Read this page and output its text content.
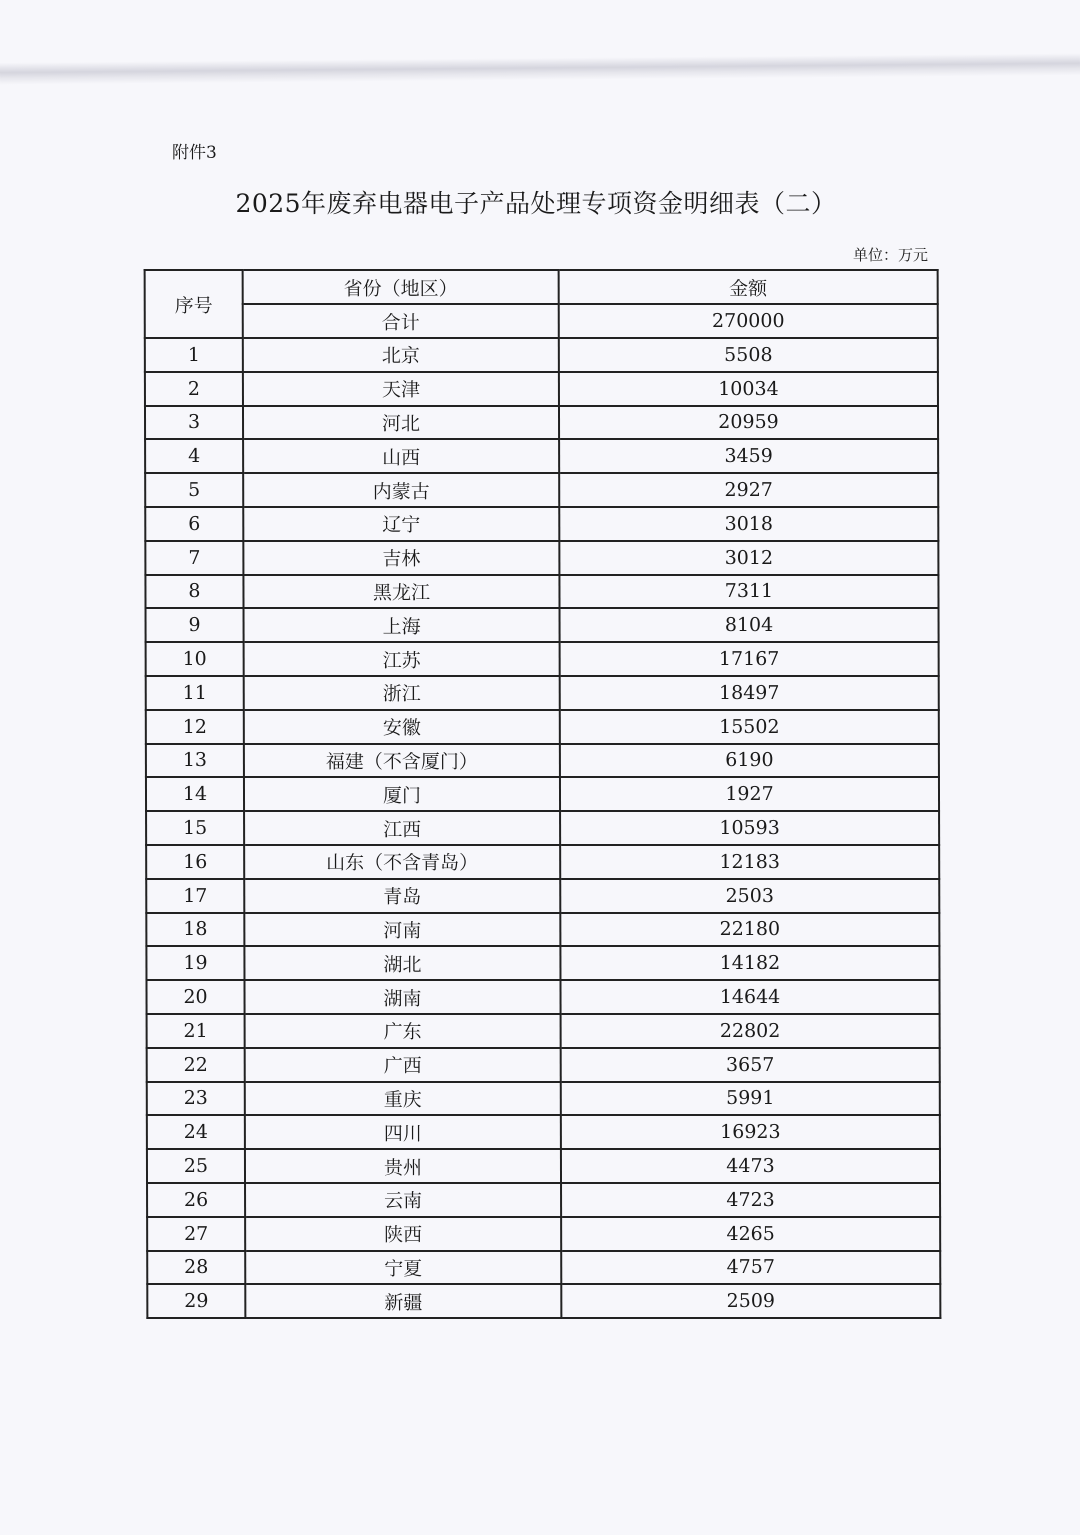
附件3
2025年废弃电器电子产品处理专项资金明细表（二）
单位：万元
序号	省份（地区）	金额
	合计	270000
1	北京	5508
2	天津	10034
3	河北	20959
4	山西	3459
5	内蒙古	2927
6	辽宁	3018
7	吉林	3012
8	黑龙江	7311
9	上海	8104
10	江苏	17167
11	浙江	18497
12	安徽	15502
13	福建（不含厦门）	6190
14	厦门	1927
15	江西	10593
16	山东（不含青岛）	12183
17	青岛	2503
18	河南	22180
19	湖北	14182
20	湖南	14644
21	广东	22802
22	广西	3657
23	重庆	5991
24	四川	16923
25	贵州	4473
26	云南	4723
27	陕西	4265
28	宁夏	4757
29	新疆	2509
